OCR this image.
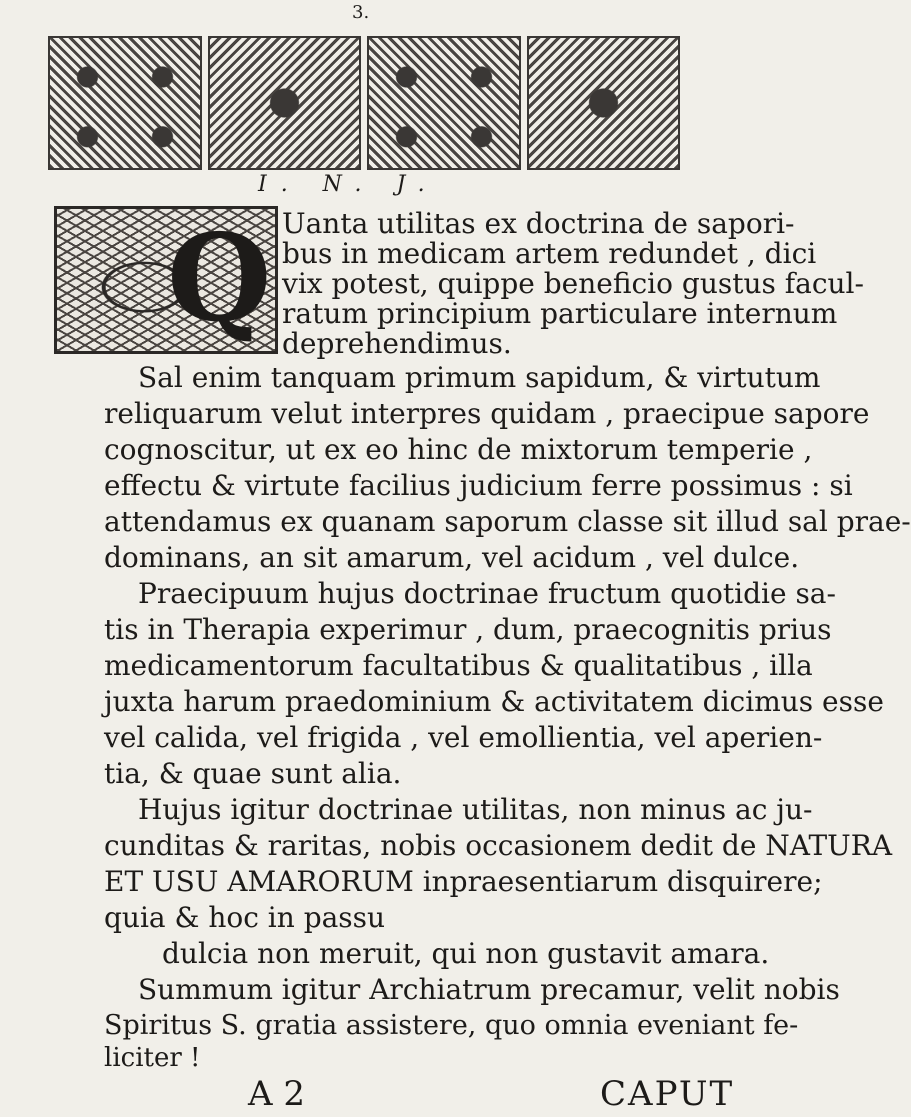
3.
I. N. J.
Q Uanta utilitas ex doctrina de sapori-
bus in medicam artem redundet , dici
vix potest, quippe beneficio gustus facul-
ratum principium particulare internum
deprehendimus.
Sal enim tanquam primum sapidum, & virtutum
reliquarum velut interpres quidam , praecipue sapore
cognoscitur, ut ex eo hinc de mixtorum temperie ,
effectu & virtute facilius judicium ferre possimus : si
attendamus ex quanam saporum classe sit illud sal prae-
dominans, an sit amarum, vel acidum , vel dulce.
Praecipuum hujus doctrinae fructum quotidie sa-
tis in Therapia experimur , dum, praecognitis prius
medicamentorum facultatibus & qualitatibus , illa
juxta harum praedominium & activitatem dicimus esse
vel calida, vel frigida , vel emollientia, vel aperien-
tia, & quae sunt alia.
Hujus igitur doctrinae utilitas, non minus ac ju-
cunditas & raritas, nobis occasionem dedit de NATURA
ET USU AMARORUM inpraesentiarum disquirere;
quia & hoc in passu
dulcia non meruit, qui non gustavit amara.
Summum igitur Archiatrum precamur, velit nobis
Spiritus S. gratia assistere, quo omnia eveniant fe-
liciter !
A 2	CAPUT
